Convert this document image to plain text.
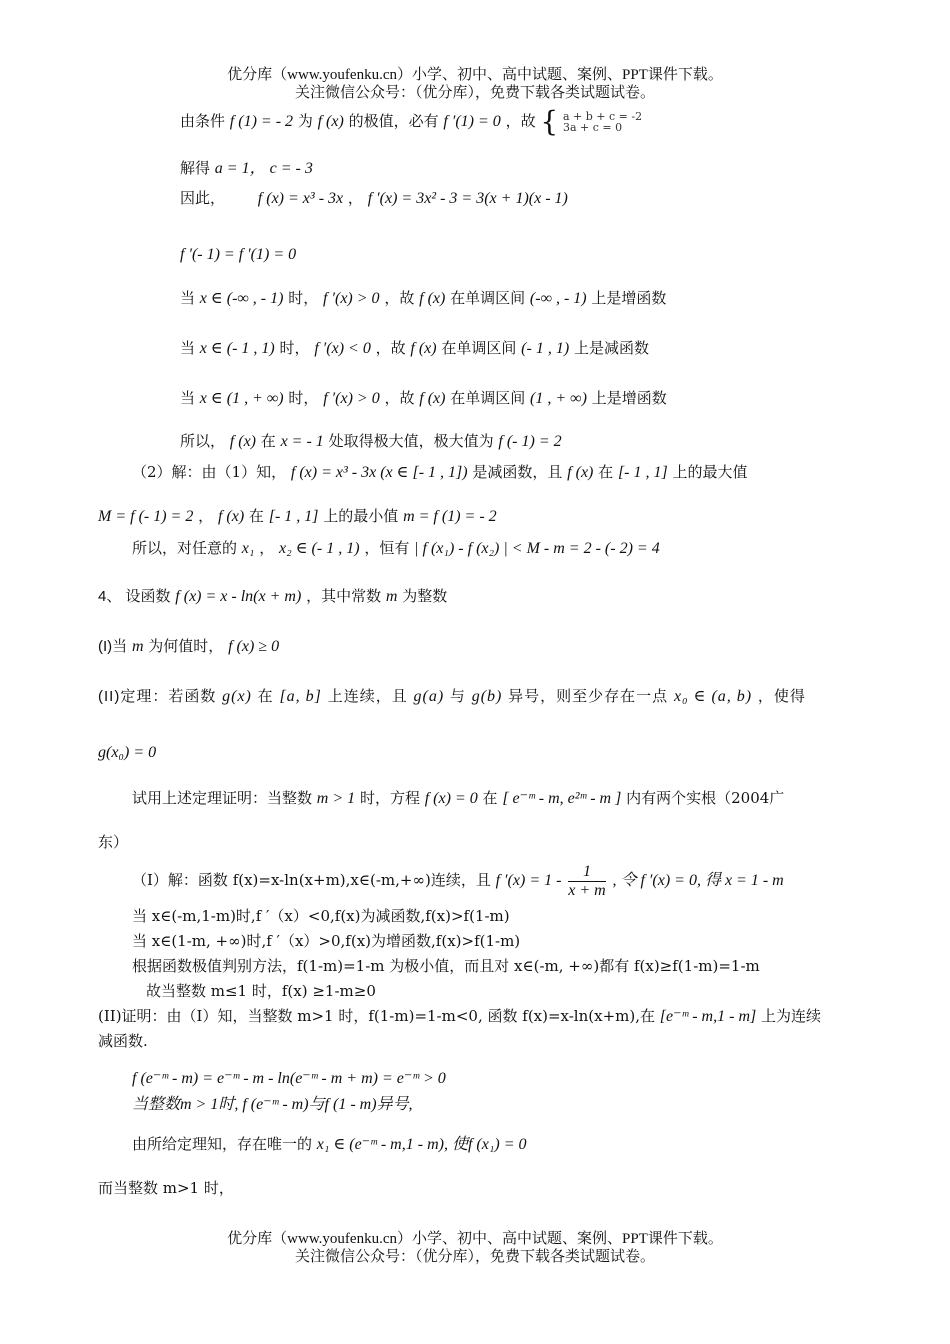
优分库（www.youfenku.cn）小学、初中、高中试题、案例、PPT课件下载。
关注微信公众号：（优分库），免费下载各类试题试卷。
由条件 f (1) = - 2 为 f (x) 的极值，必有 f ′(1) = 0 ，故 { a + b + c = -2
3a + c = 0
解得 a = 1， c = - 3
因此， f (x) = x³ - 3x ， f ′(x) = 3x² - 3 = 3(x + 1)(x - 1)
f ′(- 1) = f ′(1) = 0
当 x ∈ (-∞ , - 1) 时， f ′(x) > 0 ，故 f (x) 在单调区间 (-∞ , - 1) 上是增函数
当 x ∈ (- 1 , 1) 时， f ′(x) < 0 ，故 f (x) 在单调区间 (- 1 , 1) 上是减函数
当 x ∈ (1 , + ∞) 时， f ′(x) > 0 ，故 f (x) 在单调区间 (1 , + ∞) 上是增函数
所以， f (x) 在 x = - 1 处取得极大值，极大值为 f (- 1) = 2
（2）解：由（1）知， f (x) = x³ - 3x (x ∈ [- 1 , 1]) 是减函数，且 f (x) 在 [- 1 , 1] 上的最大值
M = f (- 1) = 2 ， f (x) 在 [- 1 , 1] 上的最小值 m = f (1) = - 2
所以，对任意的 x₁ ， x₂ ∈ (- 1 , 1) ，恒有 | f (x₁) - f (x₂) | < M - m = 2 - (- 2) = 4
4、 设函数 f (x) = x - ln(x + m) ，其中常数 m 为整数
(I)当 m 为何值时， f (x) ≥ 0
(II)定理：若函数 g(x) 在 [a, b] 上连续，且 g(a) 与 g(b) 异号，则至少存在一点 x₀ ∈ (a, b) ，使得
g(x₀) = 0
试用上述定理证明：当整数 m > 1 时，方程 f (x) = 0 在 [ e⁻ᵐ - m, e²ᵐ - m ] 内有两个实根（2004广
东）
（I）解：函数 f(x)=x-ln(x+m),x∈(-m,+∞)连续，且 f $'(x) = 1 - \frac{1}{x + m}$ , 令 f ′(x) = 0, 得 x = 1 - m
当 x∈(-m,1-m)时,f ′（x）<0,f(x)为减函数,f(x)>f(1-m)
当 x∈(1-m, +∞)时,f ′（x）>0,f(x)为增函数,f(x)>f(1-m)
根据函数极值判别方法，f(1-m)=1-m 为极小值，而且对 x∈(-m, +∞)都有 f(x)≥f(1-m)=1-m
故当整数 m≤1 时，f(x) ≥1-m≥0
(II)证明：由（I）知，当整数 m>1 时，f(1-m)=1-m<0, 函数 f(x)=x-ln(x+m),在 [e⁻ᵐ - m,1 - m] 上为连续
减函数.
f (e⁻ᵐ - m) = e⁻ᵐ - m - ln(e⁻ᵐ - m + m) = e⁻ᵐ > 0
当整数m > 1时, f (e⁻ᵐ - m)与f (1 - m)异号,
由所给定理知，存在唯一的 x₁ ∈ (e⁻ᵐ - m,1 - m), 使f (x₁) = 0
而当整数 m>1 时，
优分库（www.youfenku.cn）小学、初中、高中试题、案例、PPT课件下载。
关注微信公众号：（优分库），免费下载各类试题试卷。
